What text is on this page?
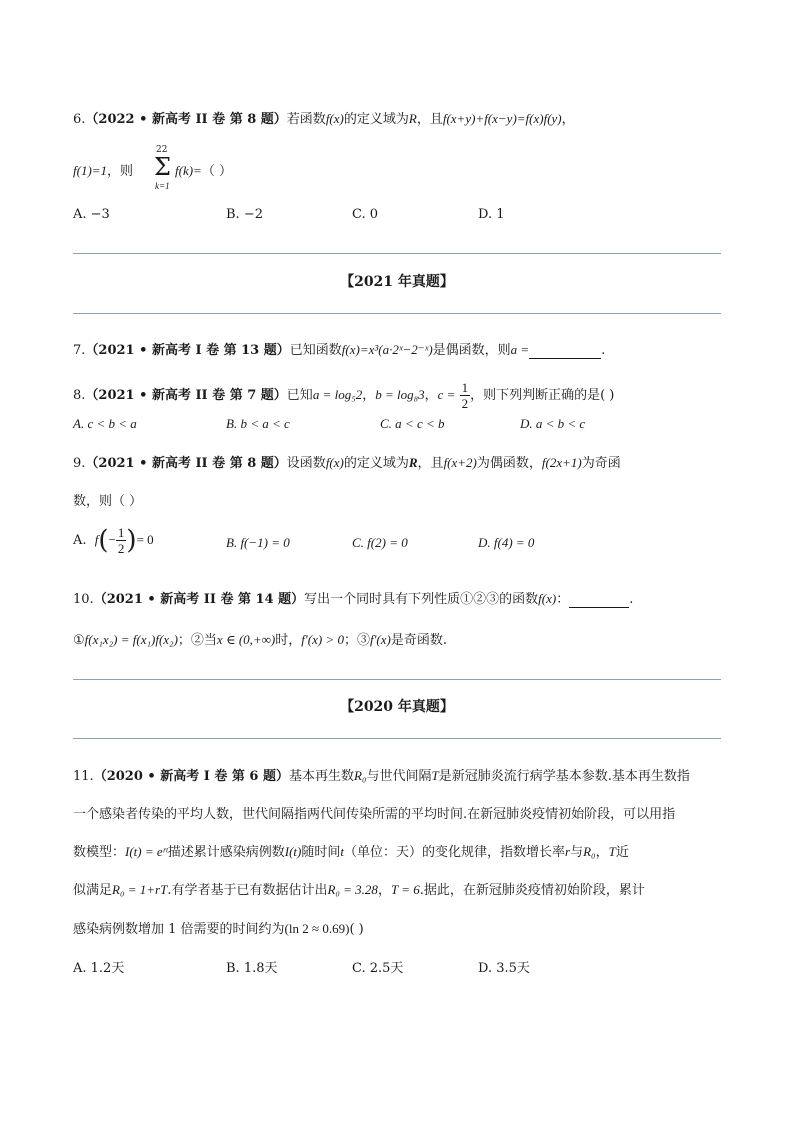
6.（2022 • 新高考 II 卷 第 8 题）若函数f(x)的定义域为R，且f(x+y)+f(x−y)=f(x)f(y)，
f(1)=1，则
22
Σ
k=1
f(k)=（ ）
A. −3	B. −2	C. 0	D. 1
【2021 年真题】
7.（2021 • 新高考 I 卷 第 13 题）已知函数f(x)=x³(a·2ˣ−2⁻ˣ)是偶函数，则a =	.
8.（2021 • 新高考 II 卷 第 7 题）已知a = log₅2，b = log₈3，$c = \frac{1}{2}$ ，则下列判断正确的是( )
A. c < b < a	B. b < a < c	C. a < c < b	D. a < b < c
9.（2021 • 新高考 II 卷 第 8 题）设函数f(x)的定义域为R，且f(x+2)为偶函数，f(2x+1)为奇函
数，则（ ）
A. $f(- \frac{1}{2}$ )= 0	B. f(−1) = 0	C. f(2) = 0	D. f(4) = 0
10.（2021 • 新高考 II 卷 第 14 题）写出一个同时具有下列性质①②③的函数f(x)：	.
①f(x₁x₂) = f(x₁)f(x₂)；②当x ∈ (0,+∞)时，f′(x) > 0；③f′(x)是奇函数.
【2020 年真题】
11.（2020 • 新高考 I 卷 第 6 题）基本再生数R₀与世代间隔T是新冠肺炎流行病学基本参数.基本再生数指
一个感染者传染的平均人数，世代间隔指两代间传染所需的平均时间.在新冠肺炎疫情初始阶段，可以用指
数模型：I(t) = eʳᵗ描述累计感染病例数I(t)随时间t（单位：天）的变化规律，指数增长率r与R₀，T近
似满足R₀ = 1+rT.有学者基于已有数据估计出R₀ = 3.28，T = 6.据此，在新冠肺炎疫情初始阶段，累计
感染病例数增加 1 倍需要的时间约为(ln 2 ≈ 0.69)( )
A. 1.2天	B. 1.8天	C. 2.5天	D. 3.5天
